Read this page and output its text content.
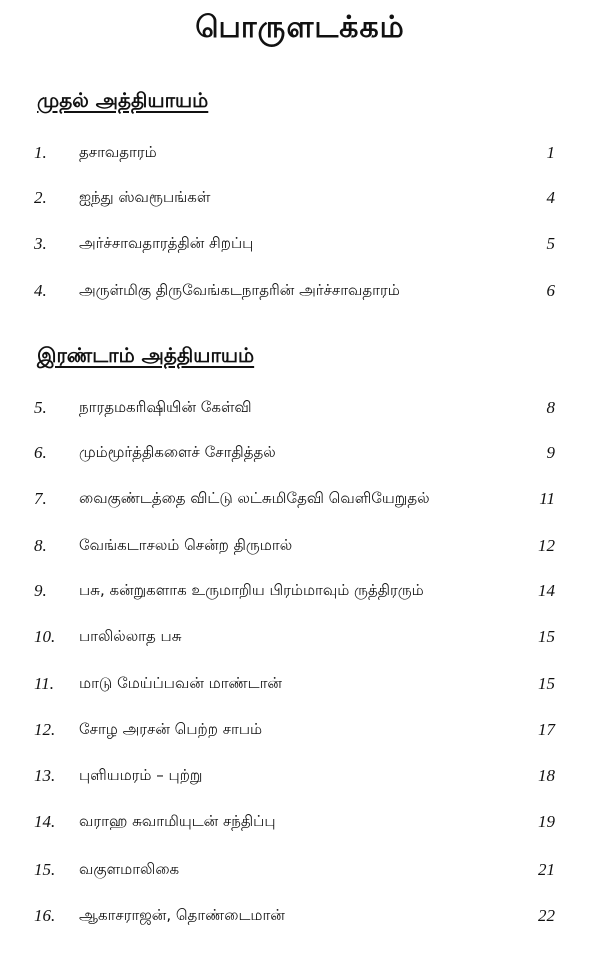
பொருளடக்கம்
முதல் அத்தியாயம்
1. தசாவதாரம்	1
2. ஐந்து ஸ்வரூபங்கள்	4
3. அர்ச்சாவதாரத்தின் சிறப்பு	5
4. அருள்மிகு திருவேங்கடநாதரின் அர்ச்சாவதாரம்	6
இரண்டாம் அத்தியாயம்
5. நாரதமகரிஷியின் கேள்வி	8
6. மும்மூர்த்திகளைச் சோதித்தல்	9
7. வைகுண்டத்தை விட்டு லட்சுமிதேவி வெளியேறுதல்	11
8. வேங்கடாசலம் சென்ற திருமால்	12
9. பசு, கன்றுகளாக உருமாறிய பிரம்மாவும் ருத்திரரும்	14
10. பாலில்லாத பசு	15
11. மாடு மேய்ப்பவன் மாண்டான்	15
12. சோழ அரசன் பெற்ற சாபம்	17
13. புளியமரம் – புற்று	18
14. வராஹ சுவாமியுடன் சந்திப்பு	19
15. வகுளமாலிகை	21
16. ஆகாசராஜன், தொண்டைமான்	22
